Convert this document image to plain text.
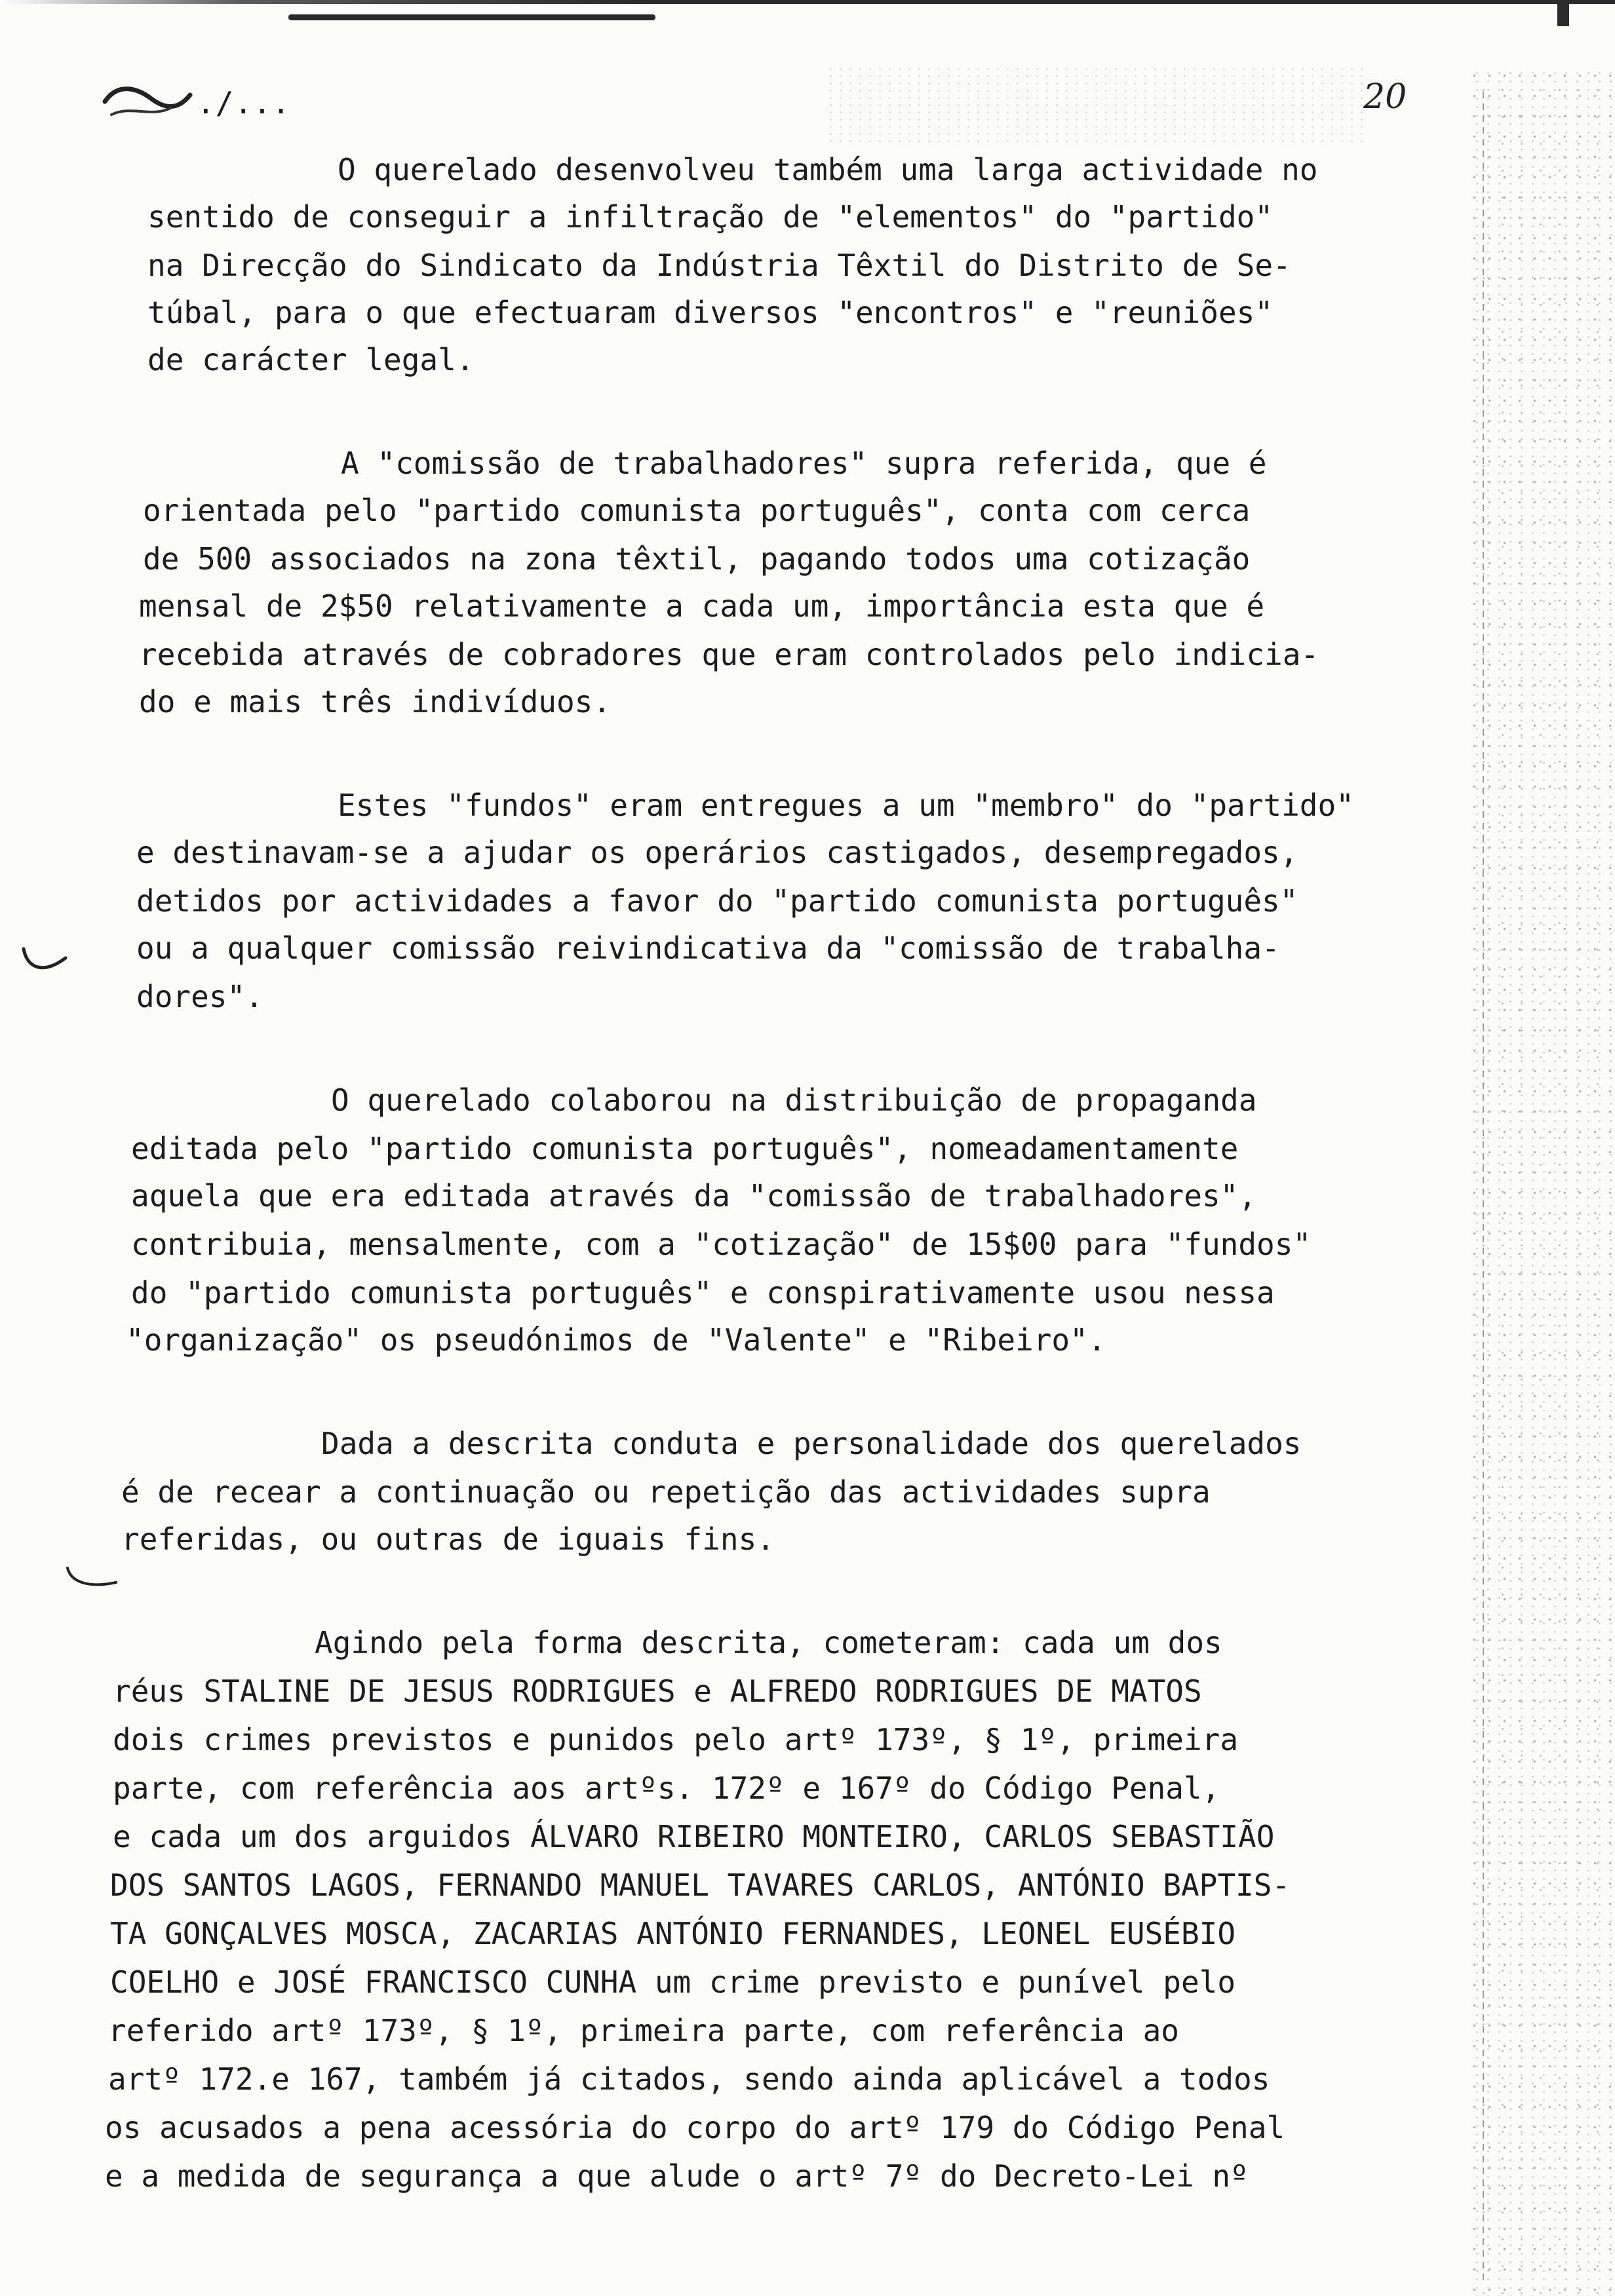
./...	20
O querelado desenvolveu também uma larga actividade no
sentido de conseguir a infiltração de "elementos" do "partido"
na Direcção do Sindicato da Indústria Têxtil do Distrito de Se-
túbal, para o que efectuaram diversos "encontros" e "reuniões"
de carácter legal.
A "comissão de trabalhadores" supra referida, que é
orientada pelo "partido comunista português", conta com cerca
de 500 associados na zona têxtil, pagando todos uma cotização
mensal de 2$50 relativamente a cada um, importância esta que é
recebida através de cobradores que eram controlados pelo indicia-
do e mais três indivíduos.
Estes "fundos" eram entregues a um "membro" do "partido"
e destinavam-se a ajudar os operários castigados, desempregados,
detidos por actividades a favor do "partido comunista português"
ou a qualquer comissão reivindicativa da "comissão de trabalha-
dores".
O querelado colaborou na distribuição de propaganda
editada pelo "partido comunista português", nomeadamentamente
aquela que era editada através da "comissão de trabalhadores",
contribuia, mensalmente, com a "cotização" de 15$00 para "fundos"
do "partido comunista português" e conspirativamente usou nessa
"organização" os pseudónimos de "Valente" e "Ribeiro".
Dada a descrita conduta e personalidade dos querelados
é de recear a continuação ou repetição das actividades supra
referidas, ou outras de iguais fins.
Agindo pela forma descrita, cometeram: cada um dos
réus STALINE DE JESUS RODRIGUES e ALFREDO RODRIGUES DE MATOS
dois crimes previstos e punidos pelo artº 173º, § 1º, primeira
parte, com referência aos artºs. 172º e 167º do Código Penal,
e cada um dos arguidos ÁLVARO RIBEIRO MONTEIRO, CARLOS SEBASTIÃO
DOS SANTOS LAGOS, FERNANDO MANUEL TAVARES CARLOS, ANTÓNIO BAPTIS-
TA GONÇALVES MOSCA, ZACARIAS ANTÓNIO FERNANDES, LEONEL EUSÉBIO
COELHO e JOSÉ FRANCISCO CUNHA um crime previsto e punível pelo
referido artº 173º, § 1º, primeira parte, com referência ao
artº 172.e 167, também já citados, sendo ainda aplicável a todos
os acusados a pena acessória do corpo do artº 179 do Código Penal
e a medida de segurança a que alude o artº 7º do Decreto-Lei nº
